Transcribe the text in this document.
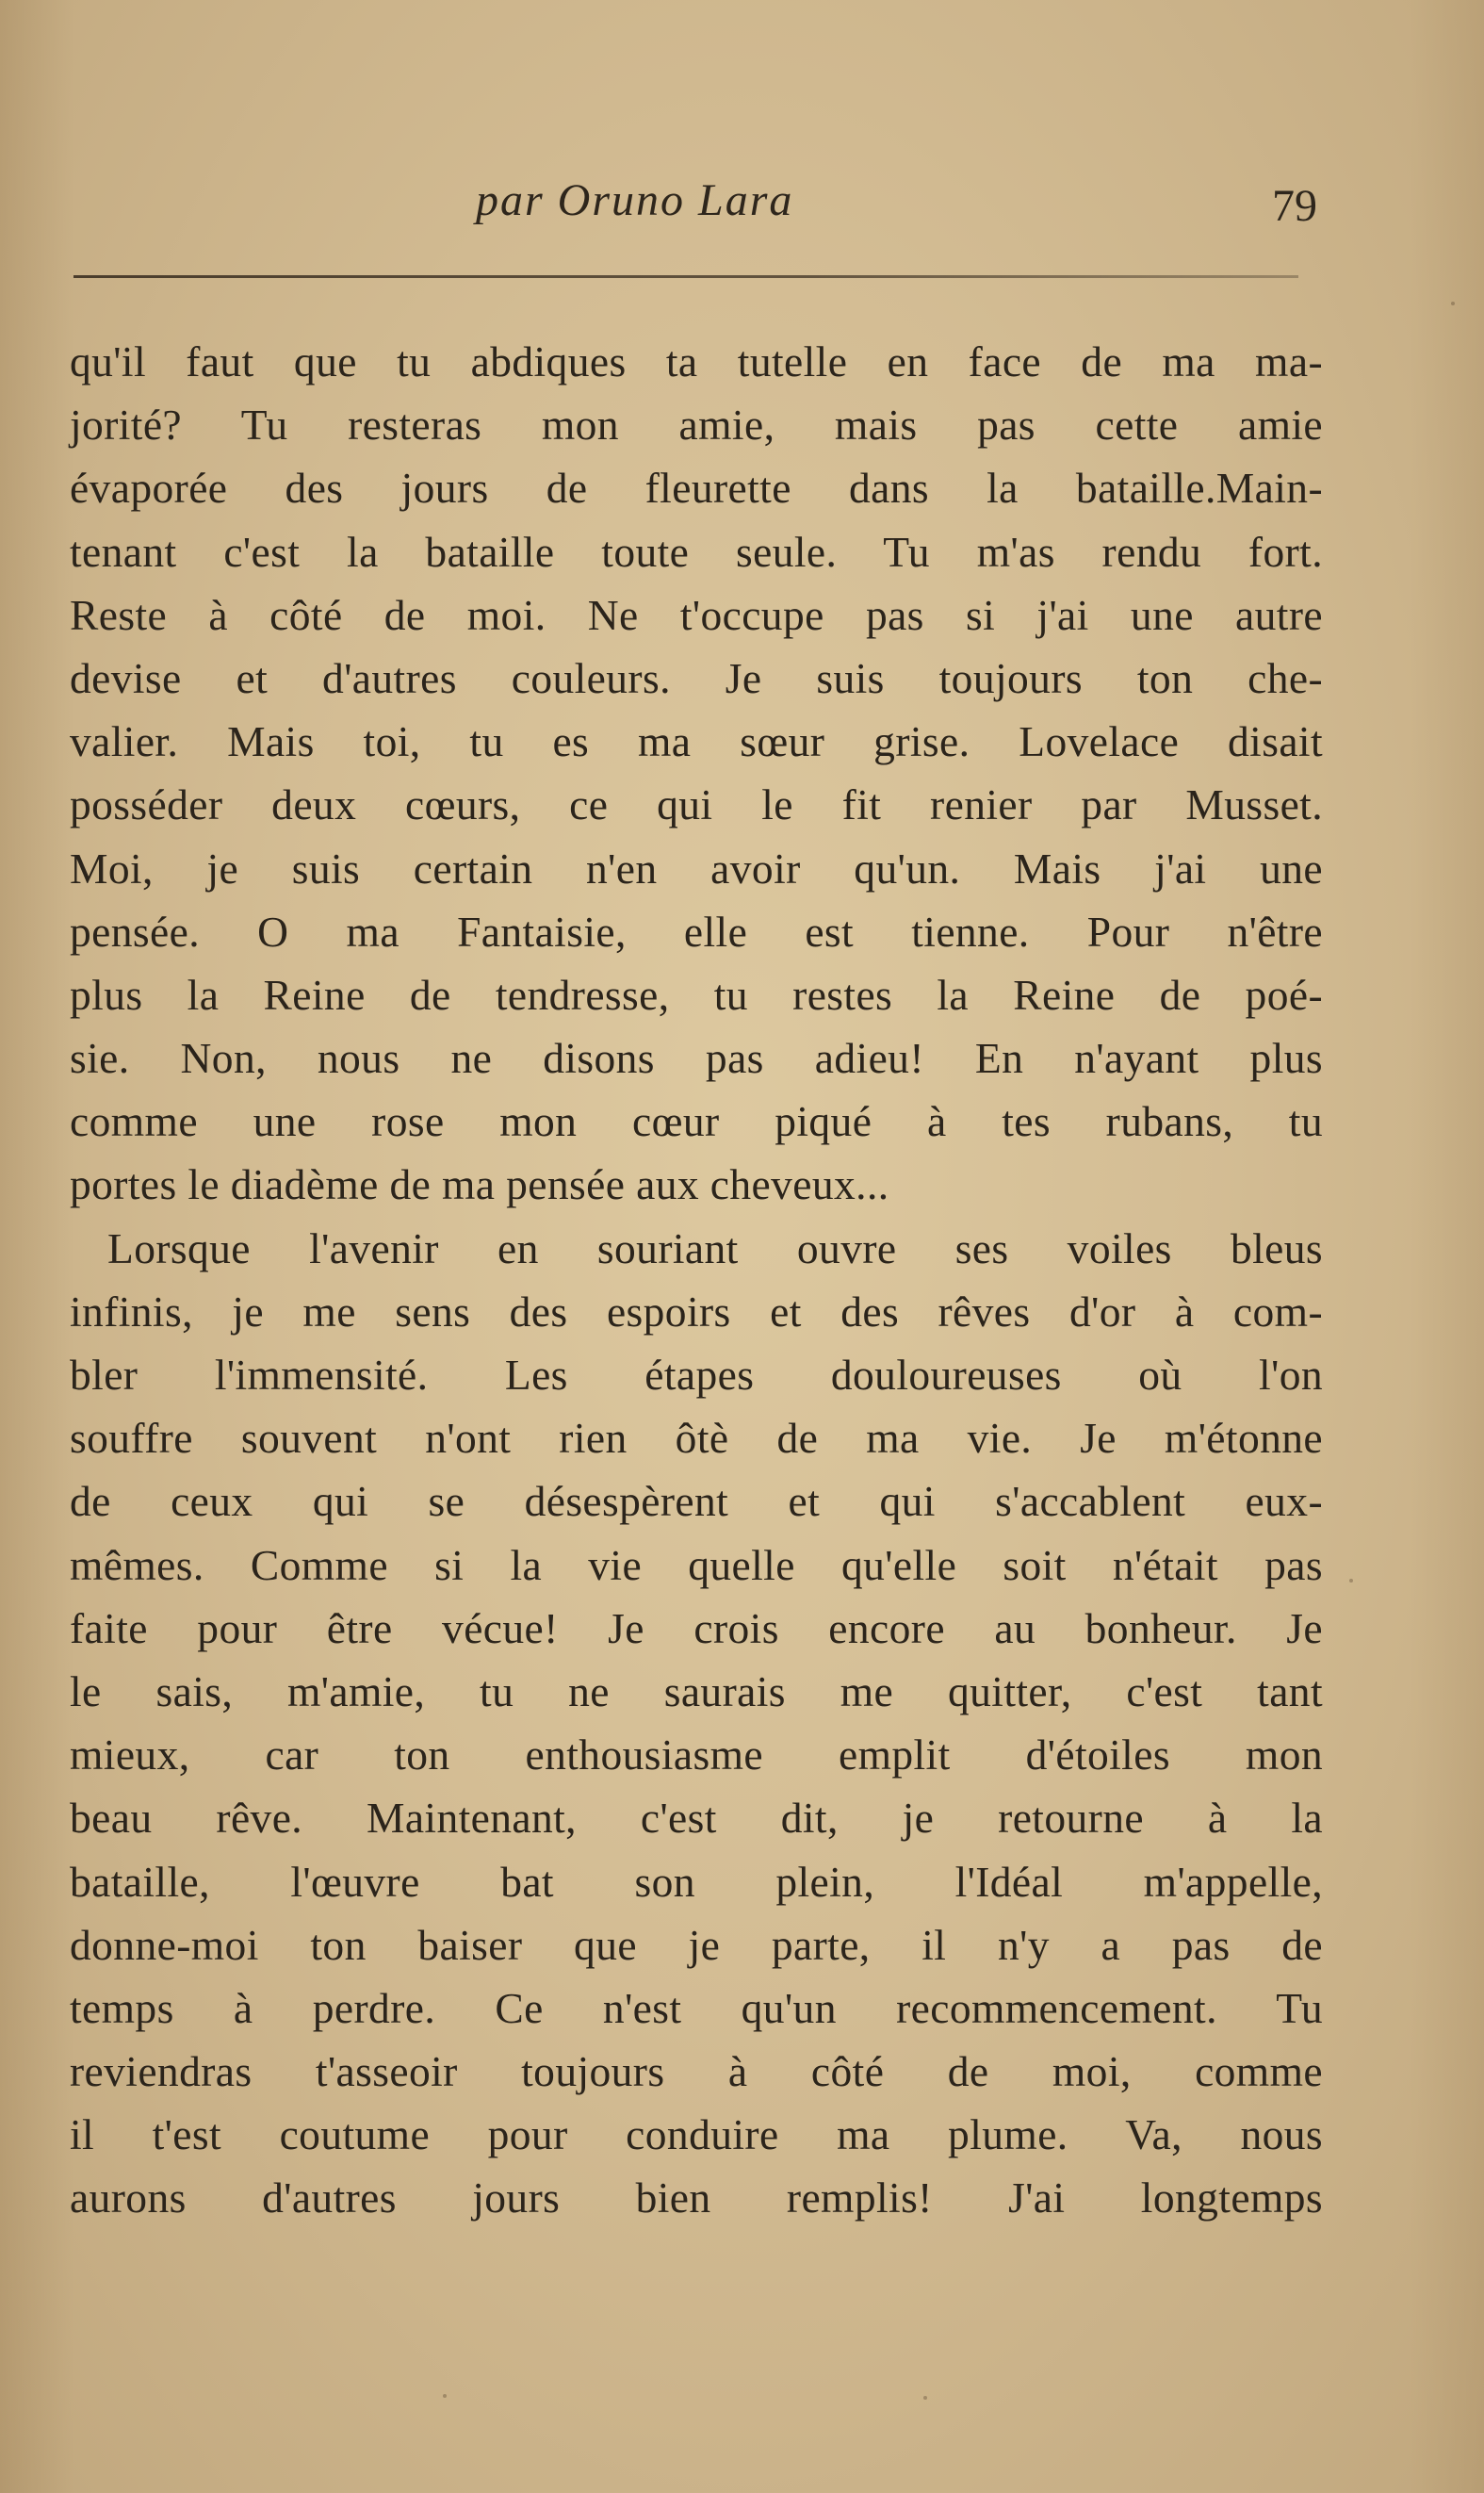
par Oruno Lara	79
qu'il faut que tu abdiques ta tutelle en face de ma ma-
jorité? Tu resteras mon amie, mais pas cette amie
évaporée des jours de fleurette dans la bataille.Main-
tenant c'est la bataille toute seule. Tu m'as rendu fort.
Reste à côté de moi. Ne t'occupe pas si j'ai une autre
devise et d'autres couleurs. Je suis toujours ton che-
valier. Mais toi, tu es ma sœur grise. Lovelace disait
posséder deux cœurs, ce qui le fit renier par Musset.
Moi, je suis certain n'en avoir qu'un. Mais j'ai une
pensée. O ma Fantaisie, elle est tienne. Pour n'être
plus la Reine de tendresse, tu restes la Reine de poé-
sie. Non, nous ne disons pas adieu! En n'ayant plus
comme une rose mon cœur piqué à tes rubans, tu
portes le diadème de ma pensée aux cheveux...
Lorsque l'avenir en souriant ouvre ses voiles bleus
infinis, je me sens des espoirs et des rêves d'or à com-
bler l'immensité. Les étapes douloureuses où l'on
souffre souvent n'ont rien ôtè de ma vie. Je m'étonne
de ceux qui se désespèrent et qui s'accablent eux-
mêmes. Comme si la vie quelle qu'elle soit n'était pas
faite pour être vécue! Je crois encore au bonheur. Je
le sais, m'amie, tu ne saurais me quitter, c'est tant
mieux, car ton enthousiasme emplit d'étoiles mon
beau rêve. Maintenant, c'est dit, je retourne à la
bataille, l'œuvre bat son plein, l'Idéal m'appelle,
donne-moi ton baiser que je parte, il n'y a pas de
temps à perdre. Ce n'est qu'un recommencement. Tu
reviendras t'asseoir toujours à côté de moi, comme
il t'est coutume pour conduire ma plume. Va, nous
aurons d'autres jours bien remplis! J'ai longtemps
